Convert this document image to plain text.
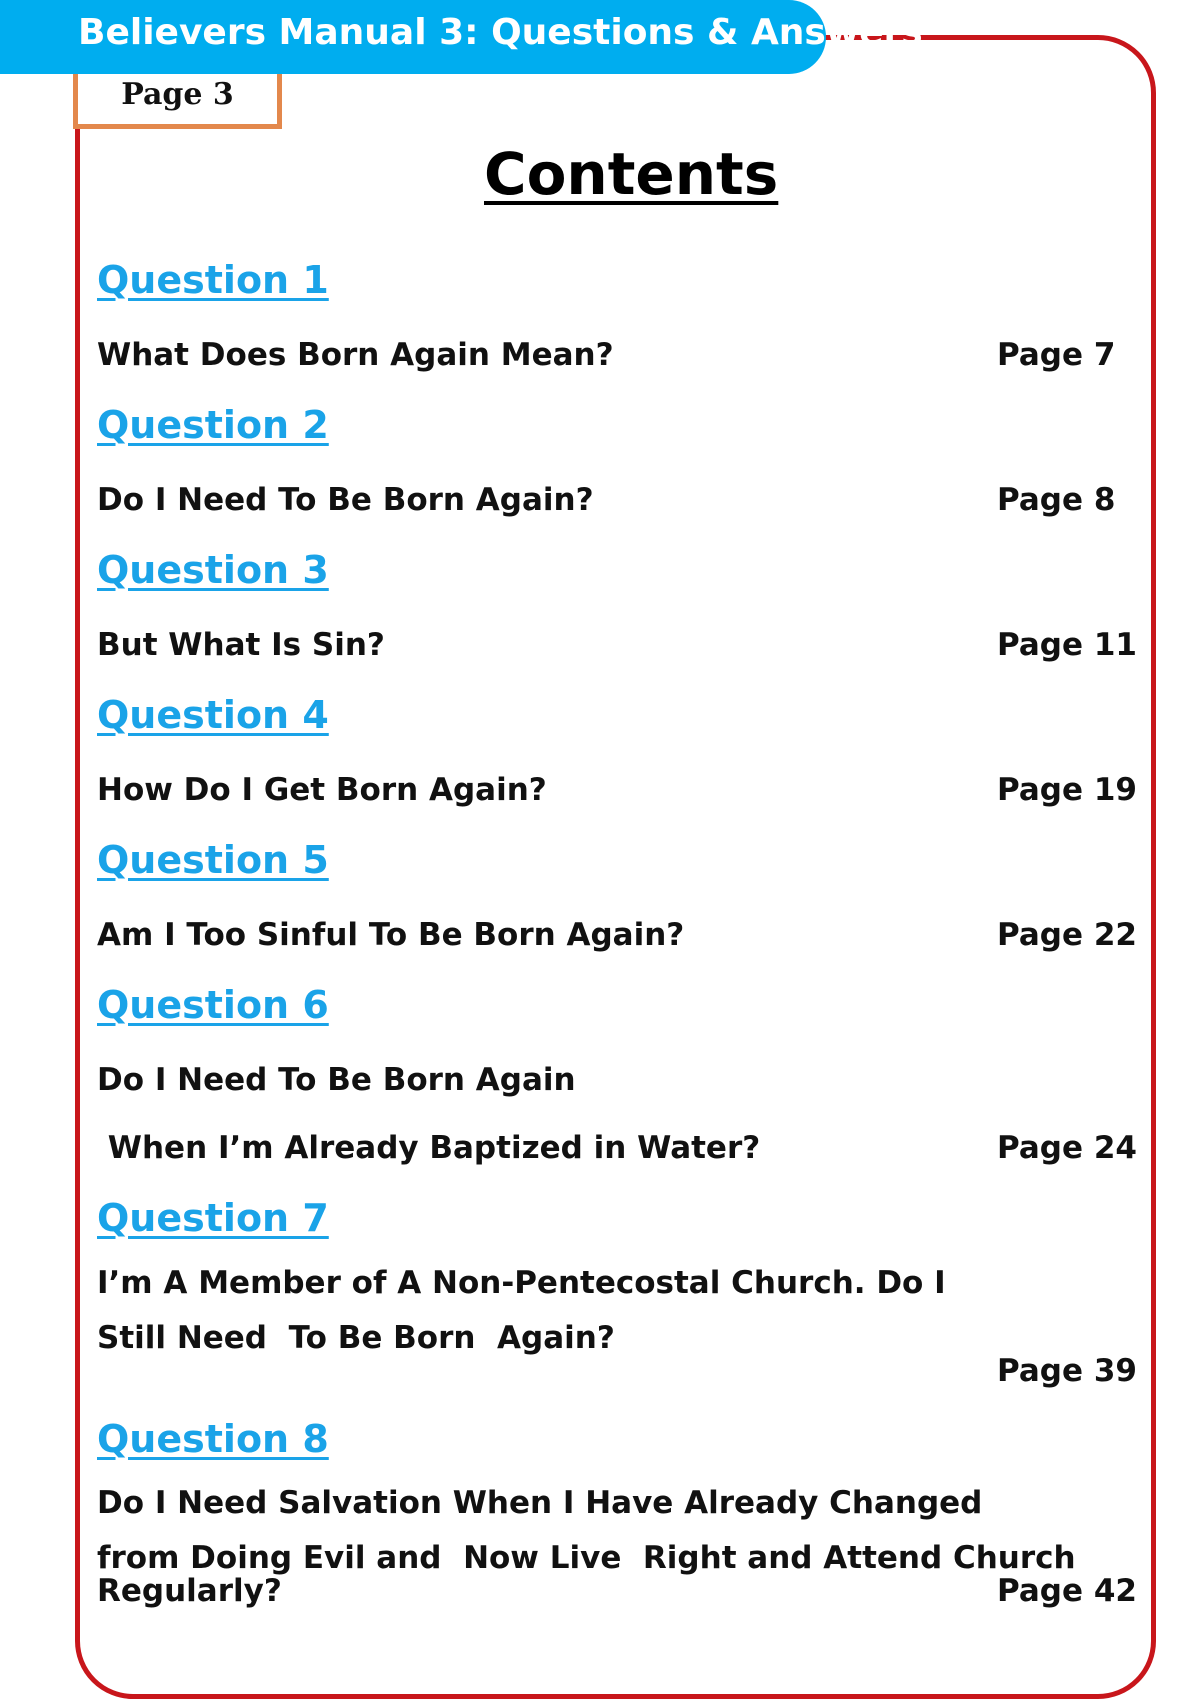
Believers Manual 3: Questions & Answers
Page 3
Contents
Question 1
What Does Born Again Mean?	Page 7
Question 2
Do I Need To Be Born Again?	Page 8
Question 3
But What Is Sin?	Page 11
Question 4
How Do I Get Born Again?	Page 19
Question 5
Am I Too Sinful To Be Born Again?	Page 22
Question 6
Do I Need To Be Born Again
When I’m Already Baptized in Water?	Page 24
Question 7
I’m A Member of A Non-Pentecostal Church. Do I
Still Need  To Be Born  Again?
Page 39
Question 8
Do I Need Salvation When I Have Already Changed
from Doing Evil and  Now Live  Right and Attend Church
Regularly?	Page 42
